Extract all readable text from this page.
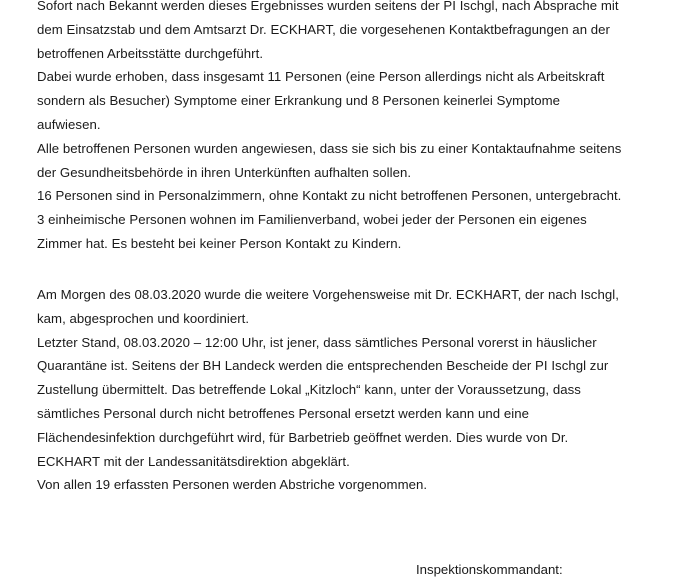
Sofort nach Bekannt werden dieses Ergebnisses wurden seitens der PI Ischgl, nach Absprache mit
dem Einsatzstab und dem Amtsarzt Dr. ECKHART, die vorgesehenen Kontaktbefragungen an der
betroffenen Arbeitsstätte durchgeführt.
Dabei wurde erhoben, dass insgesamt 11 Personen (eine Person allerdings nicht als Arbeitskraft
sondern als Besucher) Symptome einer Erkrankung und 8 Personen keinerlei Symptome
aufwiesen.
Alle betroffenen Personen wurden angewiesen, dass sie sich bis zu einer Kontaktaufnahme seitens
der Gesundheitsbehörde in ihren Unterkünften aufhalten sollen.
16 Personen sind in Personalzimmern, ohne Kontakt zu nicht betroffenen Personen, untergebracht.
3 einheimische Personen wohnen im Familienverband, wobei jeder der Personen ein eigenes
Zimmer hat. Es besteht bei keiner Person Kontakt zu Kindern.
Am Morgen des 08.03.2020 wurde die weitere Vorgehensweise mit Dr. ECKHART, der nach Ischgl,
kam, abgesprochen und koordiniert.
Letzter Stand, 08.03.2020 – 12:00 Uhr, ist jener, dass sämtliches Personal vorerst in häuslicher
Quarantäne ist. Seitens der BH Landeck werden die entsprechenden Bescheide der PI Ischgl zur
Zustellung übermittelt. Das betreffende Lokal „Kitzloch“ kann, unter der Voraussetzung, dass
sämtliches Personal durch nicht betroffenes Personal ersetzt werden kann und eine
Flächendesinfektion durchgeführt wird, für Barbetrieb geöffnet werden. Dies wurde von Dr.
ECKHART mit der Landessanitätsdirektion abgeklärt.
Von allen 19 erfassten Personen werden Abstriche vorgenommen.
Inspektionskommandant:
